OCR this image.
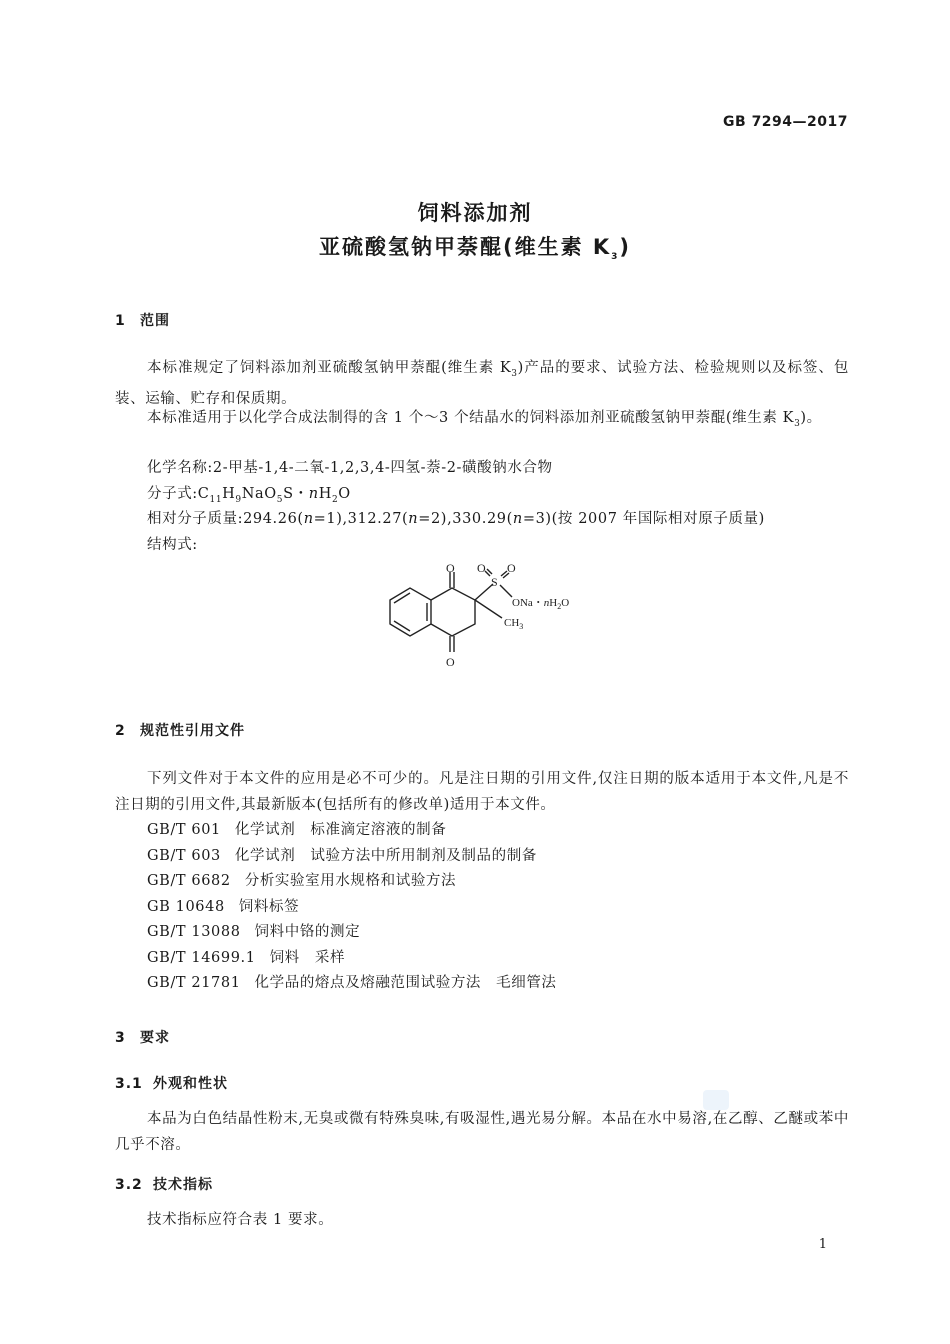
GB 7294—2017
饲料添加剂
亚硫酸氢钠甲萘醌(维生素 $K_3$)
1 范围
本标准规定了饲料添加剂亚硫酸氢钠甲萘醌(维生素 $K_3$)产品的要求、试验方法、检验规则以及标签、包装、运输、贮存和保质期。
本标准适用于以化学合成法制得的含 1 个～3 个结晶水的饲料添加剂亚硫酸氢钠甲萘醌(维生素 $K_3$)。
化学名称:2-甲基-1,4-二氧-1,2,3,4-四氢-萘-2-磺酸钠水合物
分子式$:C_{11}H_9NaO_5S$・$nH_2O$
相对分子质量:294.26(n=1),312.27(n=2),330.29(n=3)(按 2007 年国际相对原子质量)
结构式:
O
O
S
O O
ONa・$nH_2O$
$CH_3$
2 规范性引用文件
下列文件对于本文件的应用是必不可少的。凡是注日期的引用文件,仅注日期的版本适用于本文件,凡是不注日期的引用文件,其最新版本(包括所有的修改单)适用于本文件。
GB/T 601 化学试剂　标准滴定溶液的制备
GB/T 603 化学试剂　试验方法中所用制剂及制品的制备
GB/T 6682 分析实验室用水规格和试验方法
GB 10648 饲料标签
GB/T 13088 饲料中铬的测定
GB/T 14699.1 饲料　采样
GB/T 21781 化学品的熔点及熔融范围试验方法　毛细管法
3 要求
3.1 外观和性状
本品为白色结晶性粉末,无臭或微有特殊臭味,有吸湿性,遇光易分解。本品在水中易溶,在乙醇、乙醚或苯中几乎不溶。
3.2 技术指标
技术指标应符合表 1 要求。
1
